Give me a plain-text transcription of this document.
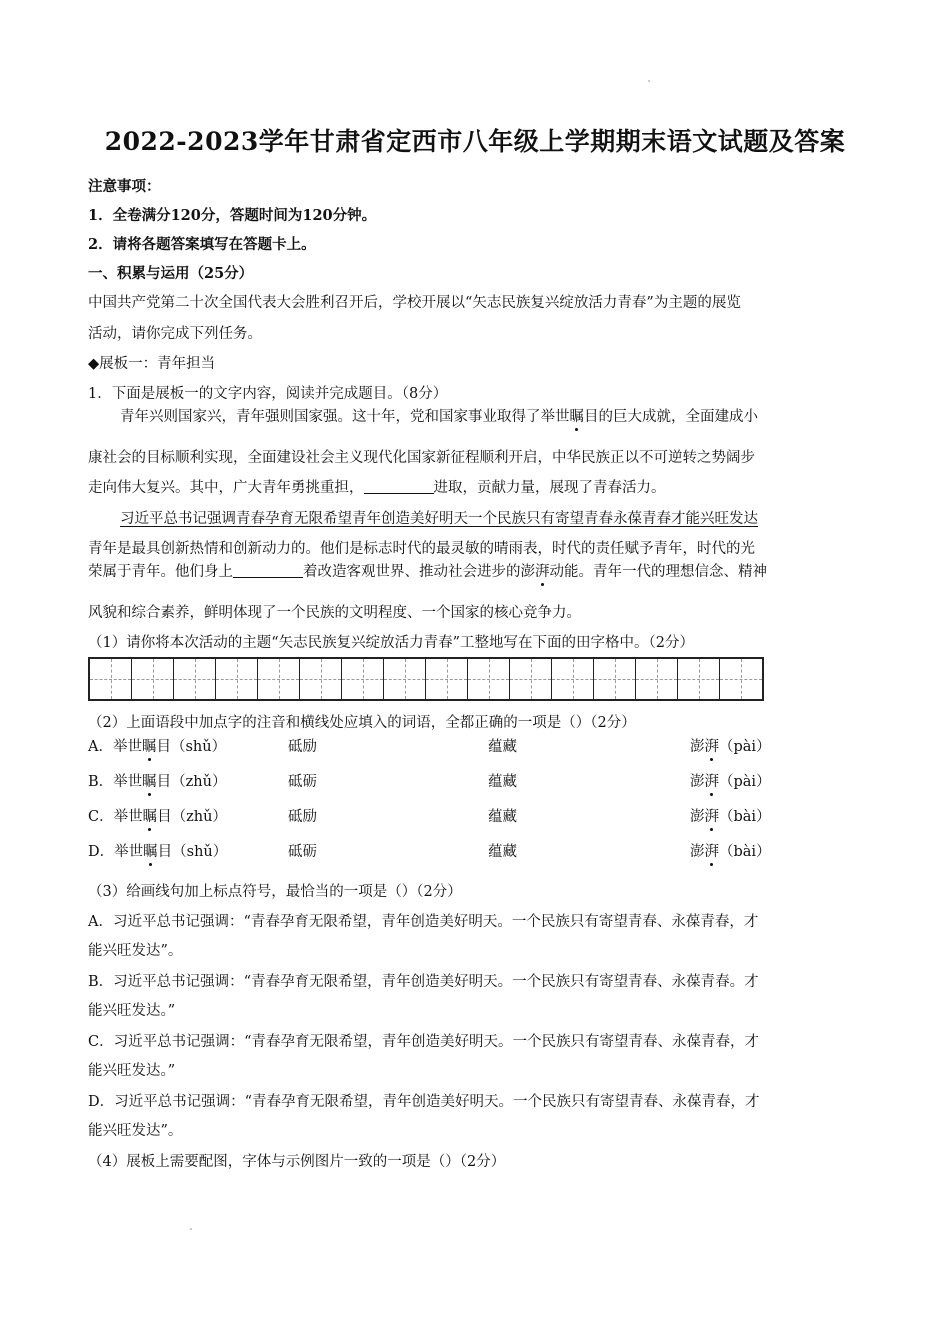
2022-2023学年甘肃省定西市八年级上学期期末语文试题及答案
注意事项：
1．全卷满分120分，答题时间为120分钟。
2．请将各题答案填写在答题卡上。
一、积累与运用（25分）
中国共产党第二十次全国代表大会胜利召开后，学校开展以“矢志民族复兴绽放活力青春”为主题的展览
活动，请你完成下列任务。
◆展板一：青年担当
1．下面是展板一的文字内容，阅读并完成题目。（8分）
青年兴则国家兴，青年强则国家强。这十年，党和国家事业取得了举世瞩目的巨大成就，全面建成小
康社会的目标顺利实现，全面建设社会主义现代化国家新征程顺利开启，中华民族正以不可逆转之势阔步
走向伟大复兴。其中，广大青年勇挑重担，	进取，贡献力量，展现了青春活力。
习近平总书记强调青春孕育无限希望青年创造美好明天一个民族只有寄望青春永葆青春才能兴旺发达
青年是最具创新热情和创新动力的。他们是标志时代的最灵敏的晴雨表，时代的责任赋予青年，时代的光
荣属于青年。他们身上	着改造客观世界、推动社会进步的澎湃动能。青年一代的理想信念、精神
风貌和综合素养，鲜明体现了一个民族的文明程度、一个国家的核心竞争力。
（1）请你将本次活动的主题“矢志民族复兴绽放活力青春”工整地写在下面的田字格中。（2分）
（2）上面语段中加点字的注音和横线处应填入的词语，全都正确的一项是（）（2分）
A．举世瞩目（shǔ）	砥励	蕴藏	澎湃（pài）
B．举世瞩目（zhǔ）	砥砺	蕴藏	澎湃（pài）
C．举世瞩目（zhǔ）	砥励	蕴藏	澎湃（bài）
D．举世瞩目（shǔ）	砥砺	蕴藏	澎湃（bài）
（3）给画线句加上标点符号，最恰当的一项是（）（2分）
A．习近平总书记强调：“青春孕育无限希望，青年创造美好明天。一个民族只有寄望青春、永葆青春，才
能兴旺发达”。
B．习近平总书记强调：“青春孕育无限希望，青年创造美好明天。一个民族只有寄望青春、永葆青春。才
能兴旺发达。”
C．习近平总书记强调：“青春孕育无限希望，青年创造美好明天。一个民族只有寄望青春、永葆青春，才
能兴旺发达。”
D．习近平总书记强调：“青春孕育无限希望，青年创造美好明天。一个民族只有寄望青春、永葆青春，才
能兴旺发达”。
（4）展板上需要配图，字体与示例图片一致的一项是（）（2分）
